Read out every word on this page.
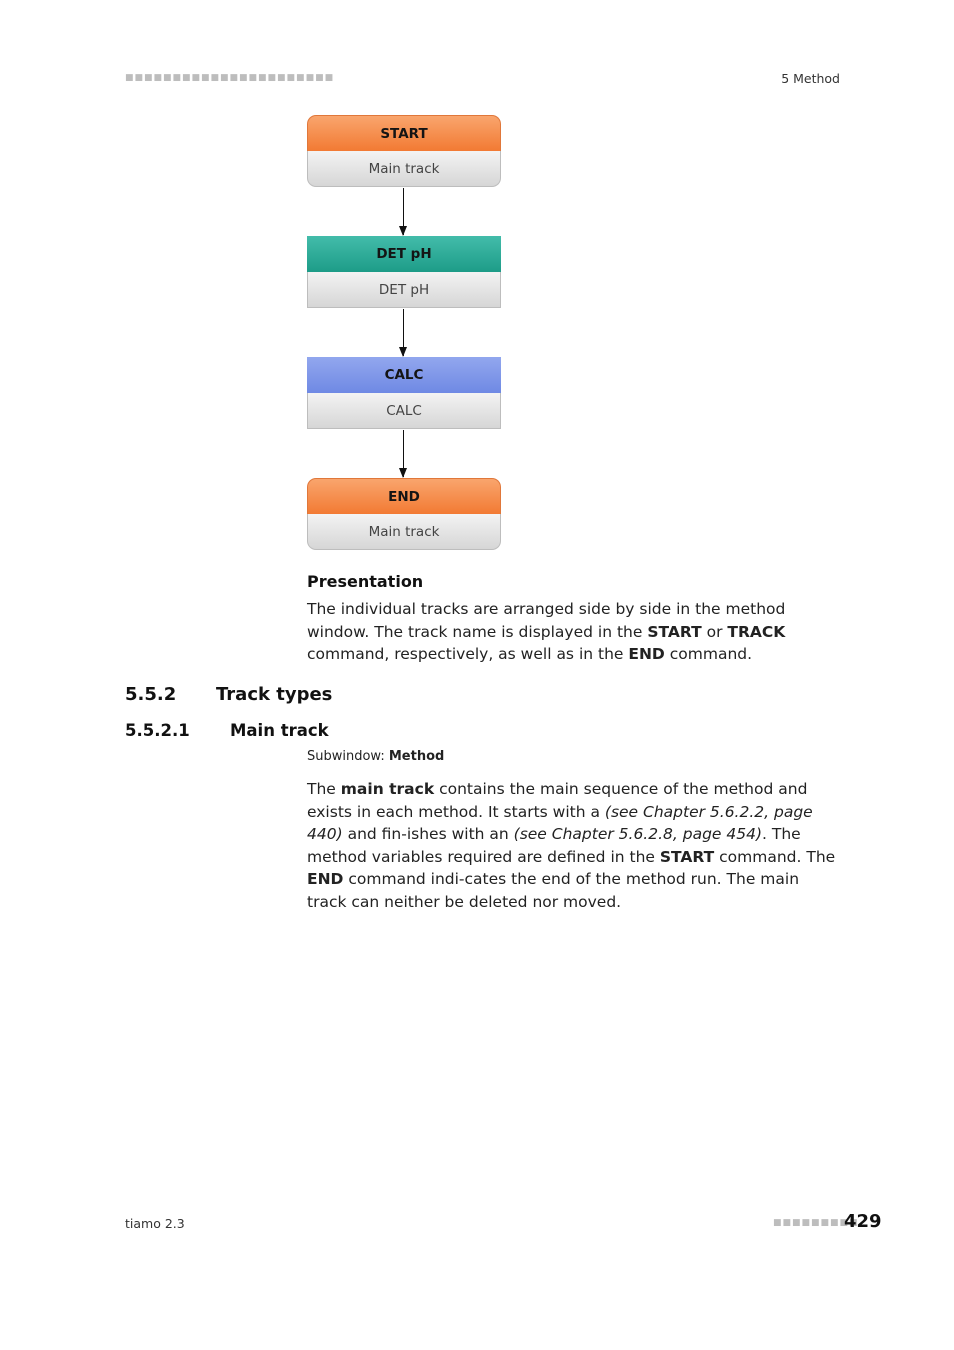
■■■■■■■■■■■■■■■■■■■■■■	5 Method
START
Main track
DET pH
DET pH
CALC
CALC
END
Main track
Presentation
The individual tracks are arranged side by side in the method window. The track name is displayed in the START or TRACK command, respectively, as well as in the END command.
5.5.2 Track types
5.5.2.1 Main track
Subwindow: Method
The main track contains the main sequence of the method and exists in each method. It starts with a (see Chapter 5.6.2.2, page 440) and fin-ishes with an (see Chapter 5.6.2.8, page 454). The method variables required are defined in the START command. The END command indi-cates the end of the method run. The main track can neither be deleted nor moved.
tiamo 2.3	■■■■■■■■■
429
